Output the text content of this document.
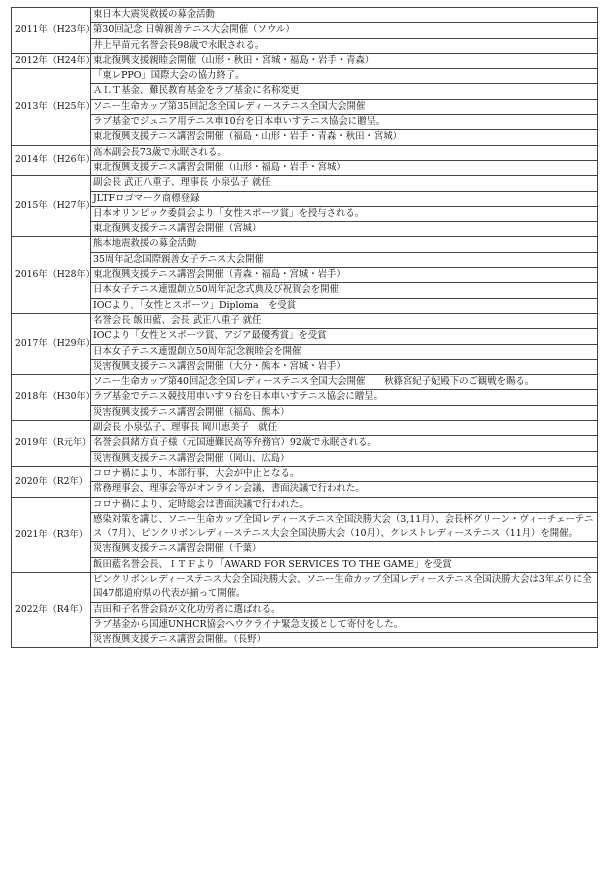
2011年（H23年）	東日本大震災救援の募金活動
	第30回記念 日韓親善テニス大会開催（ソウル）
	井上早苗元名誉会長98歳で永眠される。
2012年（H24年）	東北復興支援親睦会開催（山形・秋田・宮城・福島・岩手・青森）
2013年（H25年）	「東レPPO」国際大会の協力終了。
	ＡＬＴ基金、難民教育基金をラブ基金に名称変更
	ソニー生命カップ第35回記念全国レディーステニス全国大会開催
	ラブ基金でジュニア用テニス車10台を日本車いすテニス協会に贈呈。
	東北復興支援テニス講習会開催（福島・山形・岩手・青森・秋田・宮城）
2014年（H26年）	高木副会長73歳で永眠される。
	東北復興支援テニス講習会開催（山形・福島・岩手・宮城）
2015年（H27年）	副会長 武正八重子、理事長 小泉弘子 就任
	JLTFロゴマーク商標登録
	日本オリンピック委員会より「女性スポーツ賞」を授与される。
	東北復興支援テニス講習会開催（宮城）
2016年（H28年）	熊本地震救援の募金活動
	35周年記念国際親善女子テニス大会開催
	東北復興支援テニス講習会開催（青森・福島・宮城・岩手）
	日本女子テニス連盟創立50周年記念式典及び祝賀会を開催
	IOCより､「女性とスポーツ」Diploma　を受賞
2017年（H29年）	名誉会長 飯田藍、会長 武正八重子 就任
	IOCより「女性とスポーツ賞、アジア最優秀賞」を受賞
	日本女子テニス連盟創立50周年記念親睦会を開催
	災害復興支援テニス講習会開催（大分・熊本・宮城・岩手）
2018年（H30年）	ソニー生命カップ第40回記念全国レディーステニス全国大会開催　　秋篠宮紀子妃殿下のご観戦を賜る。
	ラブ基金でテニス競技用車いす９台を日本車いすテニス協会に贈呈。
	災害復興支援テニス講習会開催（福島、熊本）
2019年（R元年）	副会長 小泉弘子、理事長 岡川恵美子　就任
	名誉会員緒方貞子様（元国連難民高等弁務官）92歳で永眠される。
	災害復興支援テニス講習会開催（岡山、広島）
2020年（R2年）	コロナ禍により、本部行事、大会が中止となる。
	常務理事会、理事会等がオンライン会議、書面決議で行われた。
2021年（R3年）	コロナ禍により、定時総会は書面決議で行われた。
	感染対策を講じ、ソニー生命カップ全国レディーステニス全国決勝大会（3,11月）、会長杯グリーン・ヴィーチェーテニス（7月）、ピンクリボンレディーステニス大会全国決勝大会（10月）、クレストレディーステニス（11月）を開催。
	災害復興支援テニス講習会開催（千葉）
	飯田藍名誉会長、ＩＴＦより「AWARD FOR SERVICES TO THE GAME」を受賞
2022年（R4年）	ピンクリボンレディーステニス大会全国決勝大会、ソニー生命カップ全国レディーステニス全国決勝大会は3年ぶりに全国47都道府県の代表が揃って開催。
	吉田和子名誉会員が文化功労者に選ばれる。
	ラブ基金から国連UNHCR協会へウクライナ緊急支援として寄付をした。
	災害復興支援テニス講習会開催。（長野）
